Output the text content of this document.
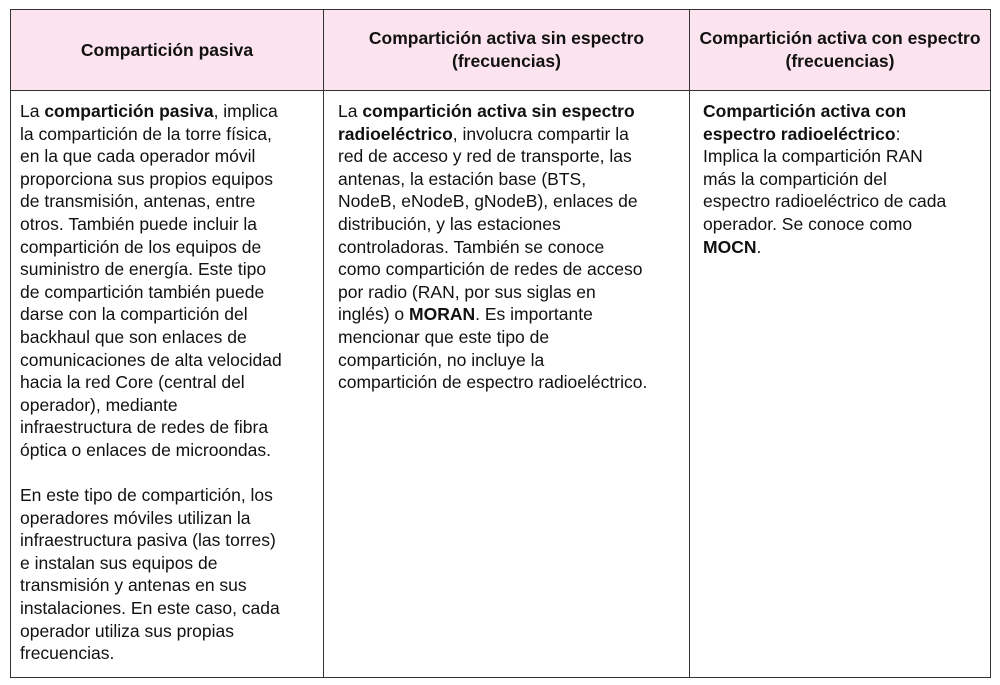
Compartición pasiva

La compartición pasiva, implica
la compartición de la torre física,
en la que cada operador móvil
proporciona sus propios equipos
de transmisión, antenas, entre
otros. También puede incluir la
compartición de los equipos de
suministro de energía. Este tipo
de compartición también puede
darse con la compartición del
backhaul que son enlaces de
comunicaciones de alta velocidad
hacia la red Core (central del
operador), mediante
infraestructura de redes de fibra
óptica o enlaces de microondas.

En este tipo de compartición, los
operadores móviles utilizan la
infraestructura pasiva (las torres)
e instalan sus equipos de
transmisión y antenas en sus
instalaciones. En este caso, cada
operador utiliza sus propias
frecuencias.

Compartición activa sin espectro (frecuencias)

La compartición activa sin espectro
radioeléctrico, involucra compartir la
red de acceso y red de transporte, las
antenas, la estación base (BTS,
NodeB, eNodeB, gNodeB), enlaces de
distribución, y las estaciones
controladoras. También se conoce
como compartición de redes de acceso
por radio (RAN, por sus siglas en
inglés) o MORAN. Es importante
mencionar que este tipo de
compartición, no incluye la
compartición de espectro radioeléctrico.

Compartición activa con espectro (frecuencias)

Compartición activa con
espectro radioeléctrico:
Implica la compartición RAN
más la compartición del
espectro radioeléctrico de cada
operador. Se conoce como
MOCN.
